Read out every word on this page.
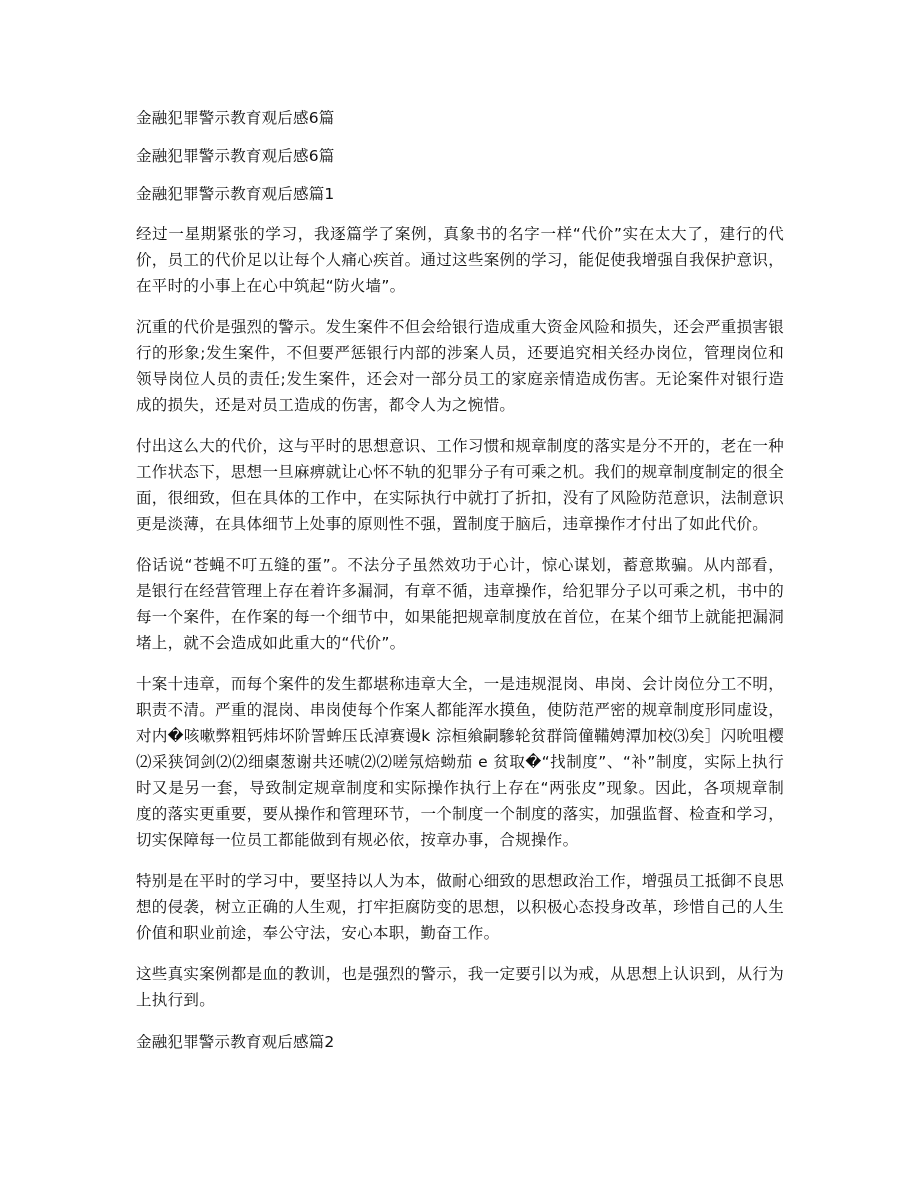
金融犯罪警示教育观后感6篇

金融犯罪警示教育观后感6篇

金融犯罪警示教育观后感篇1

经过一星期紧张的学习，我逐篇学了案例，真象书的名字一样“代价”实在太大了，建行的代价，员工的代价足以让每个人痛心疾首。通过这些案例的学习，能促使我增强自我保护意识，在平时的小事上在心中筑起“防火墙”。

沉重的代价是强烈的警示。发生案件不但会给银行造成重大资金风险和损失，还会严重损害银行的形象;发生案件，不但要严惩银行内部的涉案人员，还要追究相关经办岗位，管理岗位和领导岗位人员的责任;发生案件，还会对一部分员工的家庭亲情造成伤害。无论案件对银行造成的损失，还是对员工造成的伤害，都令人为之惋惜。

付出这么大的代价，这与平时的思想意识、工作习惯和规章制度的落实是分不开的，老在一种工作状态下，思想一旦麻痹就让心怀不轨的犯罪分子有可乘之机。我们的规章制度制定的很全面，很细致，但在具体的工作中，在实际执行中就打了折扣，没有了风险防范意识，法制意识更是淡薄，在具体细节上处事的原则性不强，置制度于脑后，违章操作才付出了如此代价。

俗话说“苍蝇不叮五缝的蛋”。不法分子虽然效功于心计，惊心谋划，蓄意欺骗。从内部看，是银行在经营管理上存在着许多漏洞，有章不循，违章操作，给犯罪分子以可乘之机，书中的每一个案件，在作案的每一个细节中，如果能把规章制度放在首位，在某个细节上就能把漏洞堵上，就不会造成如此重大的“代价”。

十案十违章，而每个案件的发生都堪称违章大全，一是违规混岗、串岗、会计岗位分工不明，职责不清。严重的混岗、串岗使每个作案人都能浑水摸鱼，使防范严密的规章制度形同虚设，对内�咳嗽弊粗钙炜坏阶詈蛑压氐淖赛谩k 淙桓飨嗣驂轮贫群筒僮鞴娉潭加校⑶矣］闪吮咀樱⑵采狭饲剑⑵⑵细㮚葱谢共还唬⑵⑵嗟氖焙蚴茄 e 贫取�“找制度”、“补”制度，实际上执行时又是另一套，导致制定规章制度和实际操作执行上存在“两张皮”现象。因此，各项规章制度的落实更重要，要从操作和管理环节，一个制度一个制度的落实，加强监督、检查和学习，切实保障每一位员工都能做到有规必依，按章办事，合规操作。

特别是在平时的学习中，要坚持以人为本，做耐心细致的思想政治工作，增强员工抵御不良思想的侵袭，树立正确的人生观，打牢拒腐防变的思想，以积极心态投身改革，珍惜自己的人生价值和职业前途，奉公守法，安心本职，勤奋工作。

这些真实案例都是血的教训，也是强烈的警示，我一定要引以为戒，从思想上认识到，从行为上执行到。

金融犯罪警示教育观后感篇2
